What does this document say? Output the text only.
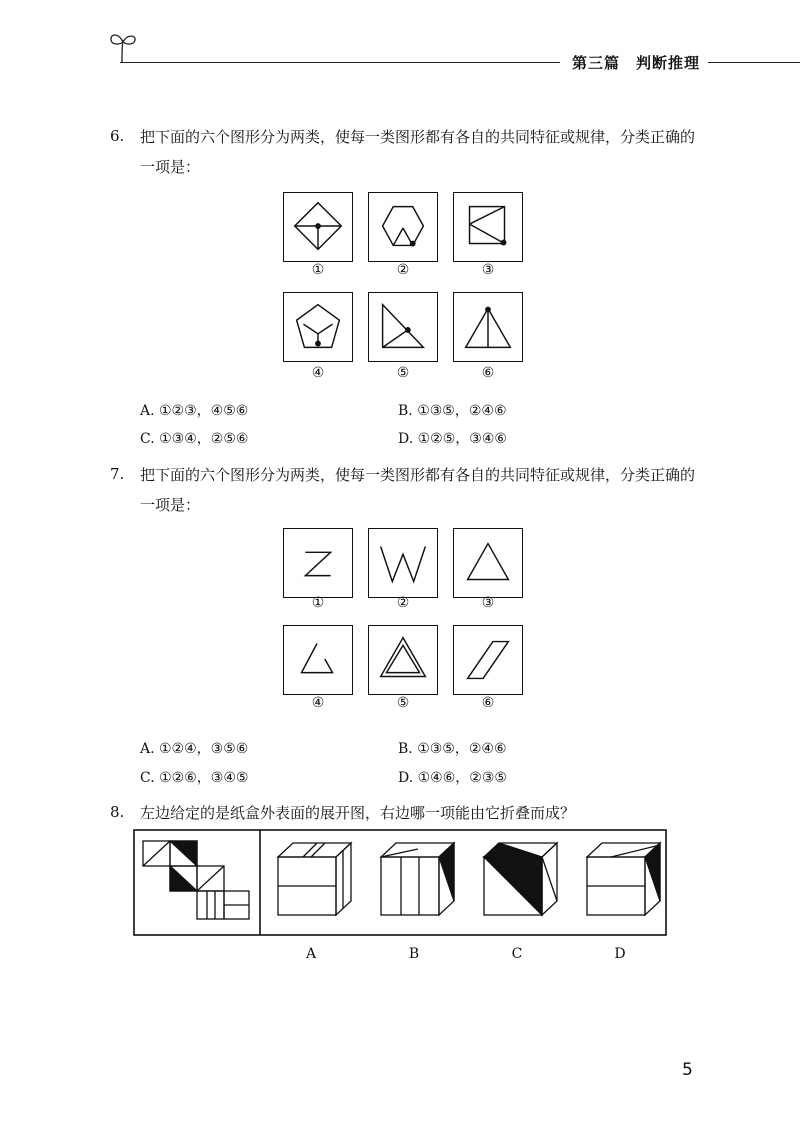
第三篇　判断推理
6. 把下面的六个图形分为两类，使每一类图形都有各自的共同特征或规律，分类正确的一项是：
①	②	③
④	⑤	⑥
A. ①②③，④⑤⑥	B. ①③⑤，②④⑥
C. ①③④，②⑤⑥	D. ①②⑤，③④⑥
7. 把下面的六个图形分为两类，使每一类图形都有各自的共同特征或规律，分类正确的一项是：
①	②	③
④	⑤	⑥
A. ①②④，③⑤⑥	B. ①③⑤，②④⑥
C. ①②⑥，③④⑤	D. ①④⑥，②③⑤
8. 左边给定的是纸盒外表面的展开图，右边哪一项能由它折叠而成？
A	B	C	D
5
